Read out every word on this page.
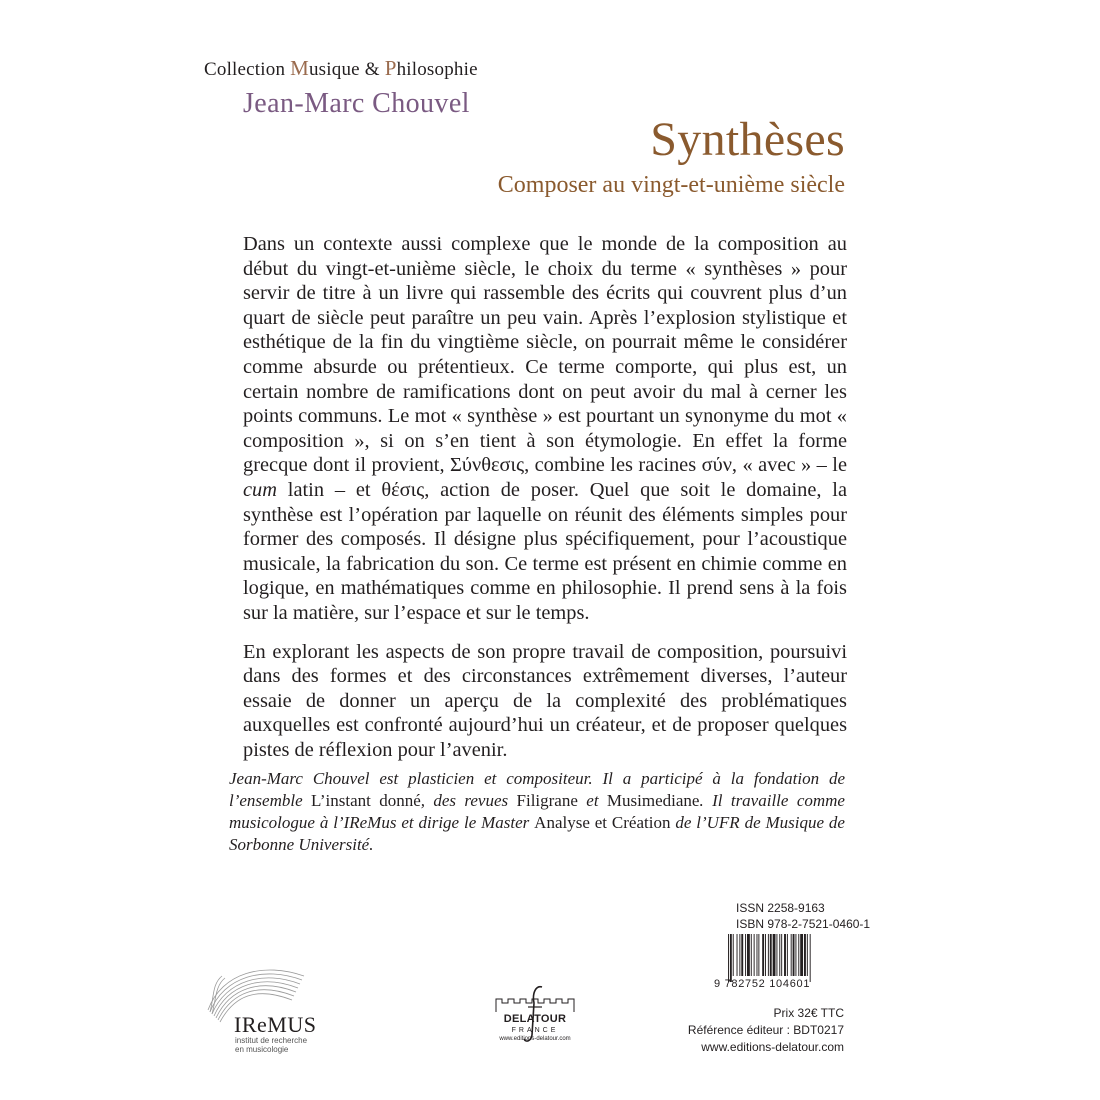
Collection Musique & Philosophie
Jean-Marc Chouvel
Synthèses
Composer au vingt-et-unième siècle

Dans un contexte aussi complexe que le monde de la composition au début du vingt-et-unième siècle, le choix du terme « synthèses » pour servir de titre à un livre qui rassemble des écrits qui couvrent plus d’un quart de siècle peut paraître un peu vain. Après l’explosion stylistique et esthétique de la fin du vingtième siècle, on pourrait même le considérer comme absurde ou prétentieux. Ce terme comporte, qui plus est, un certain nombre de ramifications dont on peut avoir du mal à cerner les points communs. Le mot « synthèse » est pourtant un synonyme du mot « composition », si on s’en tient à son étymologie. En effet la forme grecque dont il provient, Σύνθεσις, combine les racines σύν, « avec » – le cum latin – et θέσις, action de poser. Quel que soit le domaine, la synthèse est l’opération par laquelle on réunit des éléments simples pour former des composés. Il désigne plus spécifiquement, pour l’acoustique musicale, la fabrication du son. Ce terme est présent en chimie comme en logique, en mathématiques comme en philosophie. Il prend sens à la fois sur la matière, sur l’espace et sur le temps.

En explorant les aspects de son propre travail de composition, poursuivi dans des formes et des circonstances extrêmement diverses, l’auteur essaie de donner un aperçu de la complexité des problématiques auxquelles est confronté aujourd’hui un créateur, et de proposer quelques pistes de réflexion pour l’avenir.

Jean-Marc Chouvel est plasticien et compositeur. Il a participé à la fondation de l’ensemble L’instant donné, des revues Filigrane et Musimediane. Il travaille comme musicologue à l’IReMus et dirige le Master Analyse et Création de l’UFR de Musique de Sorbonne Université.
ISSN 2258-9163
ISBN 978-2-7521-0460-1
9 782752 104601
Prix 32€ TTC
Référence éditeur : BDT0217
www.editions-delatour.com
IReMUS
institut de recherche
en musicologie
DELATOUR
FRANCE
www.editions-delatour.com
